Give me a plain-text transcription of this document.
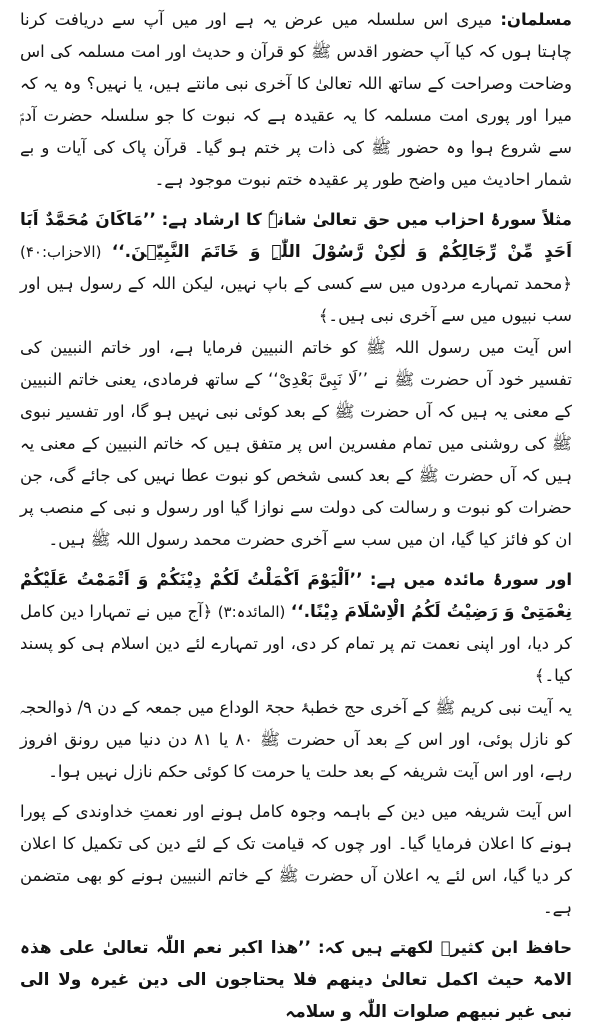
مسلمان: میری اس سلسلہ میں عرض یہ ہے اور میں آپ سے دریافت کرنا چاہتا ہوں کہ کیا آپ حضور اقدس ﷺ کو قرآن و حدیث اور امت مسلمہ کی اس وضاحت وصراحت کے ساتھ اللہ تعالیٰ کا آخری نبی مانتے ہیں، یا نہیں؟ وہ یہ کہ میرا اور پوری امت مسلمہ کا یہ عقیدہ ہے کہ نبوت کا جو سلسلہ حضرت آدمؑ سے شروع ہوا وہ حضور ﷺ کی ذات پر ختم ہو گیا۔ قرآن پاک کی آیات و بے شمار احادیث میں واضح طور پر عقیدہ ختم نبوت موجود ہے۔

مثلاً سورۂ احزاب میں حق تعالیٰ شانہٗ کا ارشاد ہے: ’’مَاکَانَ مُحَمَّدٌ اَبَا اَحَدٍ مِّنْ رِّجَالِکُمْ وَ لٰکِنْ رَّسُوْلَ اللّٰہِ وَ خَاتَمَ النَّبِیّٖنَ.‘‘ (الاحزاب:۴۰) ﴿محمد تمہارے مردوں میں سے کسی کے باپ نہیں، لیکن اللہ کے رسول ہیں اور سب نبیوں میں سے آخری نبی ہیں۔﴾

اس آیت میں رسول اللہ ﷺ کو خاتم النبیین فرمایا ہے، اور خاتم النبیین کی تفسیر خود آں حضرت ﷺ نے ’’لَا نَبِیَّ بَعْدِیْ‘‘ کے ساتھ فرمادی، یعنی خاتم النبیین کے معنی یہ ہیں کہ آں حضرت ﷺ کے بعد کوئی نبی نہیں ہو گا، اور تفسیر نبوی ﷺ کی روشنی میں تمام مفسرین اس پر متفق ہیں کہ خاتم النبیین کے معنی یہ ہیں کہ آں حضرت ﷺ کے بعد کسی شخص کو نبوت عطا نہیں کی جائے گی، جن حضرات کو نبوت و رسالت کی دولت سے نوازا گیا اور رسول و نبی کے منصب پر ان کو فائز کیا گیا، ان میں سب سے آخری حضرت محمد رسول اللہ ﷺ ہیں۔

اور سورۂ مائدہ میں ہے: ’’اَلْیَوْمَ اَکْمَلْتُ لَکُمْ دِیْنَکُمْ وَ اَتْمَمْتُ عَلَیْکُمْ نِعْمَتِیْ وَ رَضِیْتُ لَکُمُ الْاِسْلَامَ دِیْنًا.‘‘ (المائدہ:۳) ﴿آج میں نے تمہارا دین کامل کر دیا، اور اپنی نعمت تم پر تمام کر دی، اور تمہارے لئے دین اسلام ہی کو پسند کیا۔﴾

یہ آیت نبی کریم ﷺ کے آخری حج خطبۂ حجۃ الوداع میں جمعہ کے دن ۹/ ذوالحجہ کو نازل ہوئی، اور اس کے بعد آں حضرت ﷺ ۸۰ یا ۸۱ دن دنیا میں رونق افروز رہے، اور اس آیت شریفہ کے بعد حلت یا حرمت کا کوئی حکم نازل نہیں ہوا۔

اس آیت شریفہ میں دین کے باہمہ وجوہ کامل ہونے اور نعمتِ خداوندی کے پورا ہونے کا اعلان فرمایا گیا۔ اور چوں کہ قیامت تک کے لئے دین کی تکمیل کا اعلان کر دیا گیا، اس لئے یہ اعلان آں حضرت ﷺ کے خاتم النبیین ہونے کو بھی متضمن ہے۔

حافظ ابن کثیرؒ لکھتے ہیں کہ: ’’ھذا اکبر نعم اللّٰہ تعالیٰ علی ھذہ الامۃ حیث اکمل تعالیٰ دینھم فلا یحتاجون الی دین غیرہ ولا الی نبی غیر نبیھم صلوات اللّٰہ و سلامہ
